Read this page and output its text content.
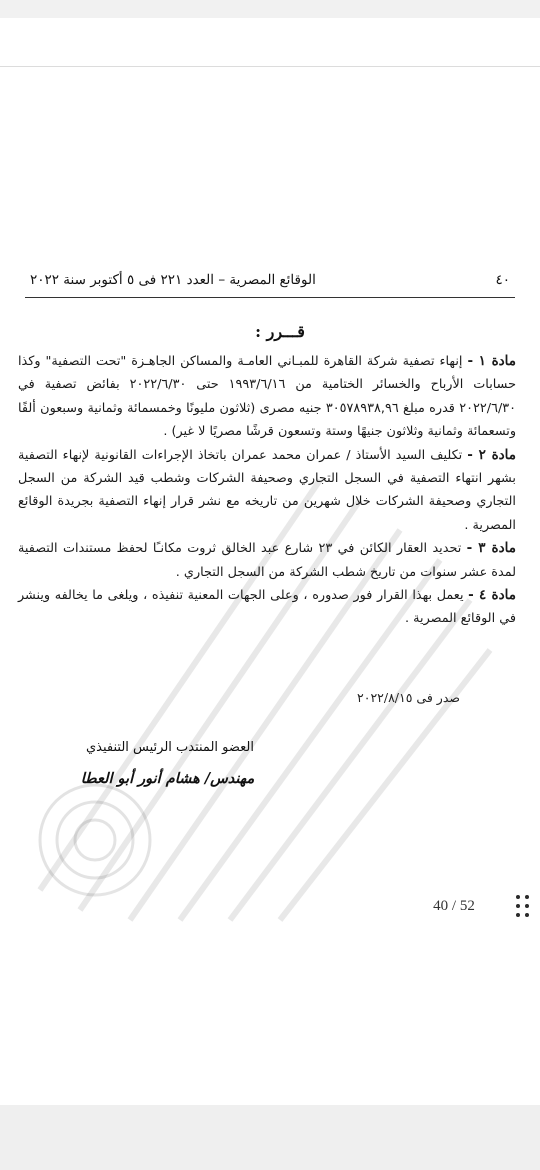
٤٠
الوقائع المصرية – العدد ٢٢١ فى ٥ أكتوبر سنة ٢٠٢٢
قـــرر :

مادة ١ - إنهاء تصفية شركة القاهرة للمبـاني العامـة والمساكن الجاهـزة "تحت التصفية" وكذا حسابات الأرباح والخسائر الختامية من ١٩٩٣/٦/١٦ حتى ٢٠٢٢/٦/٣٠ بفائض تصفية في ٢٠٢٢/٦/٣٠ قدره مبلغ ٣٠٥٧٨٩٣٨,٩٦ جنيه مصرى (ثلاثون مليونًا وخمسمائة وثمانية وسبعون ألفًا وتسعمائة وثمانية وثلاثون جنيهًا وستة وتسعون قرشًا مصريًا لا غير) .

مادة ٢ - تكليف السيد الأستاذ / عمران محمد عمران باتخاذ الإجراءات القانونية لإنهاء التصفية بشهر انتهاء التصفية في السجل التجاري وصحيفة الشركات وشطب قيد الشركة من السجل التجاري وصحيفة الشركات خلال شهرين من تاريخه مع نشر قرار إنهاء التصفية بجريدة الوقائع المصرية .

مادة ٣ - تحديد العقار الكائن في ٢٣ شارع عبد الخالق ثروت مكانـًا لحفظ مستندات التصفية لمدة عشر سنوات من تاريخ شطب الشركة من السجل التجاري .

مادة ٤ - يعمل بهذا القرار فور صدوره ، وعلى الجهات المعنية تنفيذه ، ويلغى ما يخالفه وينشر في الوقائع المصرية .

صدر فى ٢٠٢٢/٨/١٥
العضو المنتدب الرئيس التنفيذي
مهندس/ هشام أنور أبو العطا
40 / 52
